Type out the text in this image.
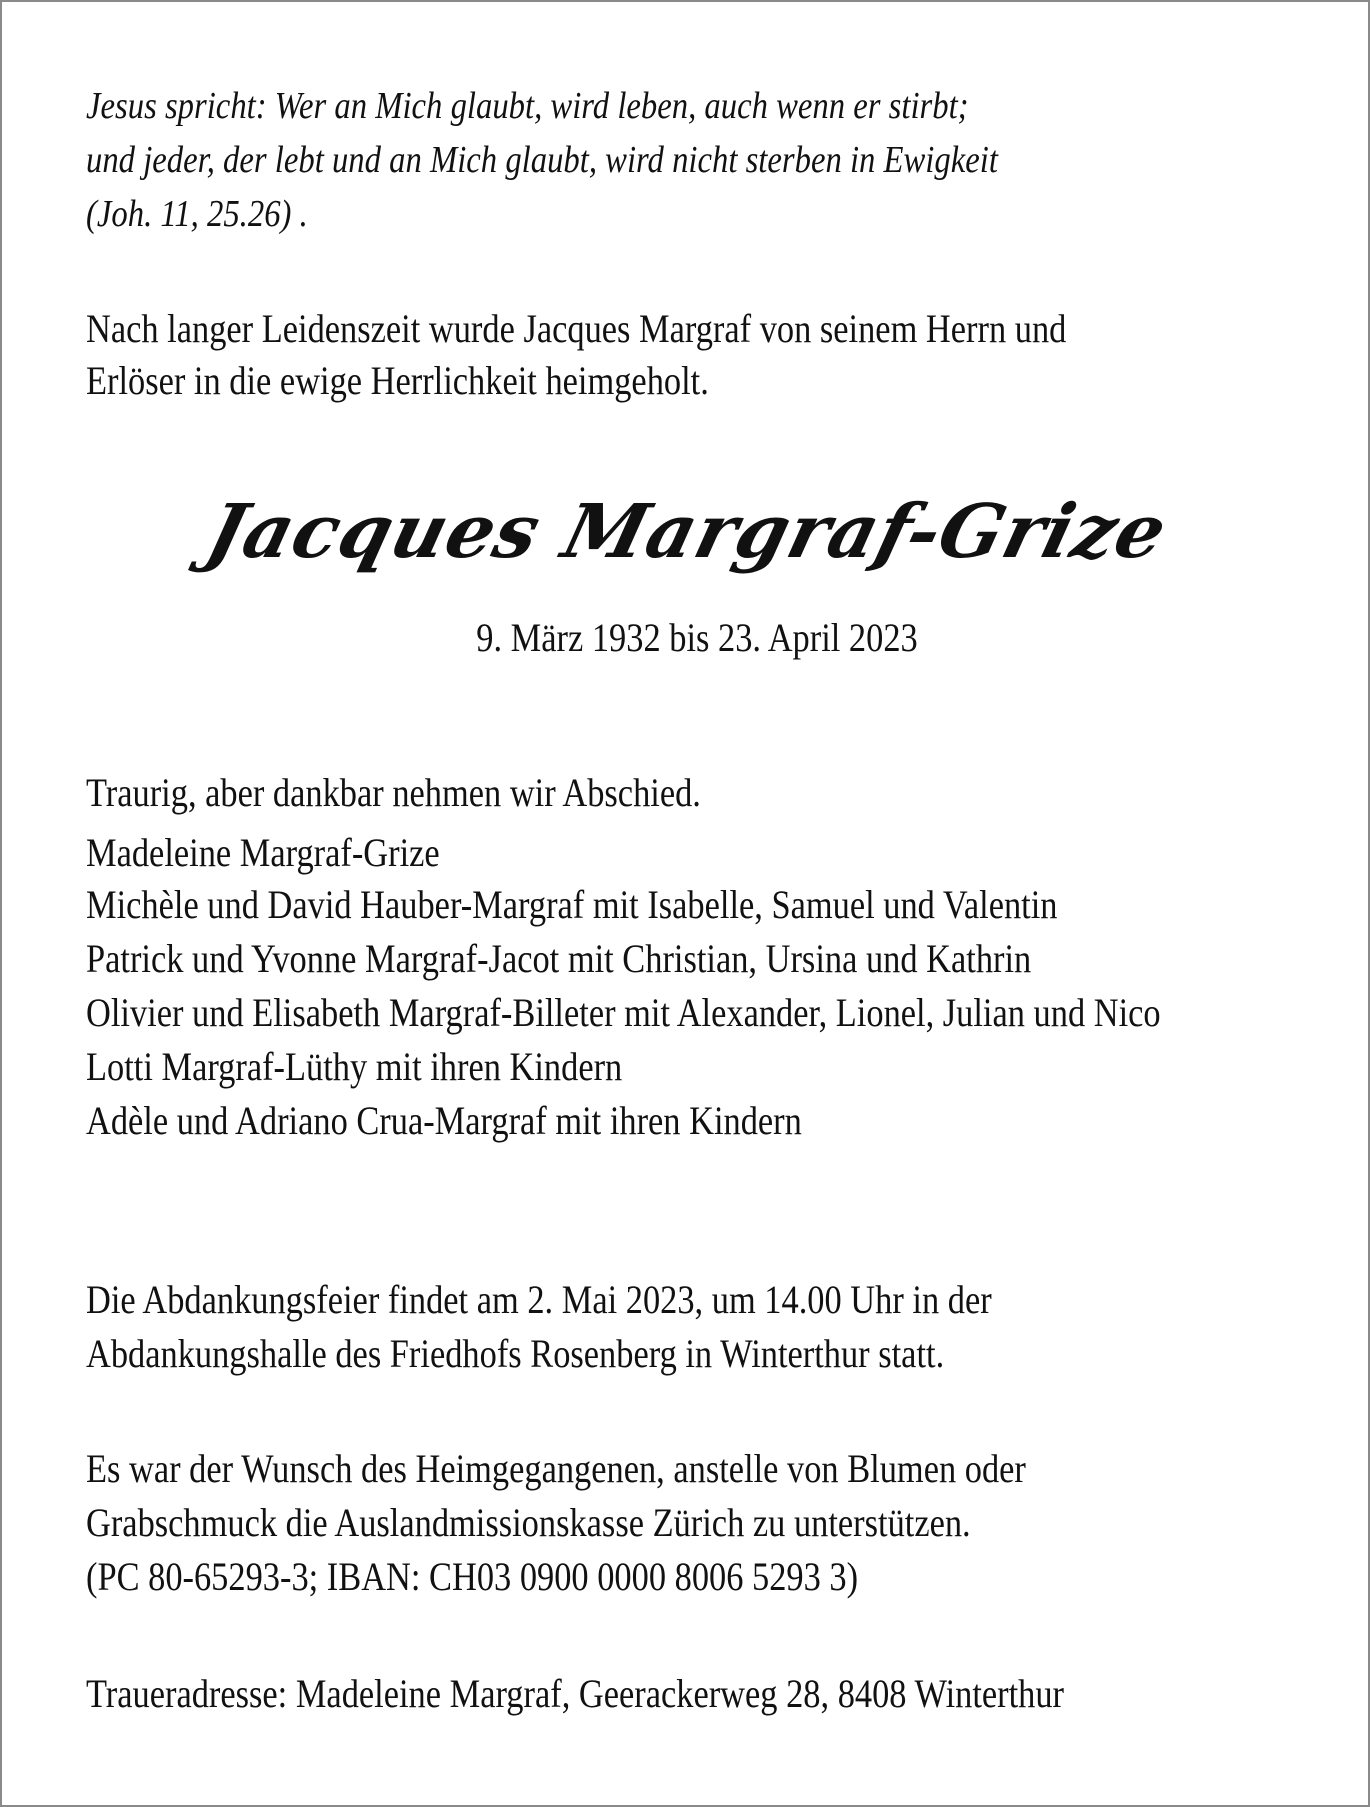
Jesus spricht: Wer an Mich glaubt, wird leben, auch wenn er stirbt;
und jeder, der lebt und an Mich glaubt, wird nicht sterben in Ewigkeit
(Joh. 11, 25.26) .
Nach langer Leidenszeit wurde Jacques Margraf von seinem Herrn und
Erlöser in die ewige Herrlichkeit heimgeholt.
Traurig, aber dankbar nehmen wir Abschied.
Madeleine Margraf-Grize
Michèle und David Hauber-Margraf mit Isabelle, Samuel und Valentin
Patrick und Yvonne Margraf-Jacot mit Christian, Ursina und Kathrin
Olivier und Elisabeth Margraf-Billeter mit Alexander, Lionel, Julian und Nico
Lotti Margraf-Lüthy mit ihren Kindern
Adèle und Adriano Crua-Margraf mit ihren Kindern
Die Abdankungsfeier findet am 2. Mai 2023, um 14.00 Uhr in der
Abdankungshalle des Friedhofs Rosenberg in Winterthur statt.
Es war der Wunsch des Heimgegangenen, anstelle von Blumen oder
Grabschmuck die Auslandmissionskasse Zürich zu unterstützen.
(PC 80-65293-3; IBAN: CH03 0900 0000 8006 5293 3)
Traueradresse: Madeleine Margraf, Geerackerweg 28, 8408 Winterthur
Jacques Margraf-Grize
9. März 1932 bis 23. April 2023
